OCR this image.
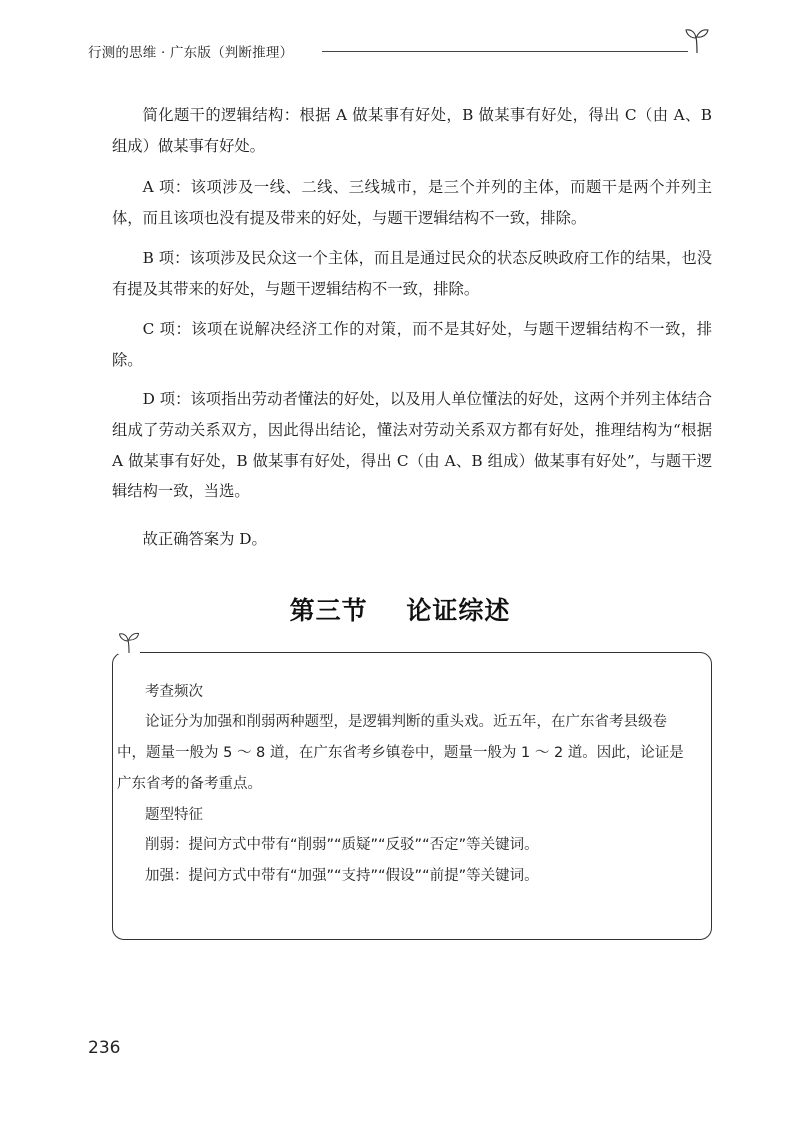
行测的思维 · 广东版（判断推理）

简化题干的逻辑结构：根据 A 做某事有好处，B 做某事有好处，得出 C（由 A、B 组成）做某事有好处。

A 项：该项涉及一线、二线、三线城市，是三个并列的主体，而题干是两个并列主体，而且该项也没有提及带来的好处，与题干逻辑结构不一致，排除。

B 项：该项涉及民众这一个主体，而且是通过民众的状态反映政府工作的结果，也没有提及其带来的好处，与题干逻辑结构不一致，排除。

C 项：该项在说解决经济工作的对策，而不是其好处，与题干逻辑结构不一致，排除。

D 项：该项指出劳动者懂法的好处，以及用人单位懂法的好处，这两个并列主体结合组成了劳动关系双方，因此得出结论，懂法对劳动关系双方都有好处，推理结构为“根据 A 做某事有好处，B 做某事有好处，得出 C（由 A、B 组成）做某事有好处”，与题干逻辑结构一致，当选。

故正确答案为 D。

第三节 论证综述

考查频次

论证分为加强和削弱两种题型，是逻辑判断的重头戏。近五年，在广东省考县级卷中，题量一般为 5 ～ 8 道，在广东省考乡镇卷中，题量一般为 1 ～ 2 道。因此，论证是广东省考的备考重点。

题型特征

削弱：提问方式中带有“削弱”“质疑”“反驳”“否定”等关键词。

加强：提问方式中带有“加强”“支持”“假设”“前提”等关键词。

236
